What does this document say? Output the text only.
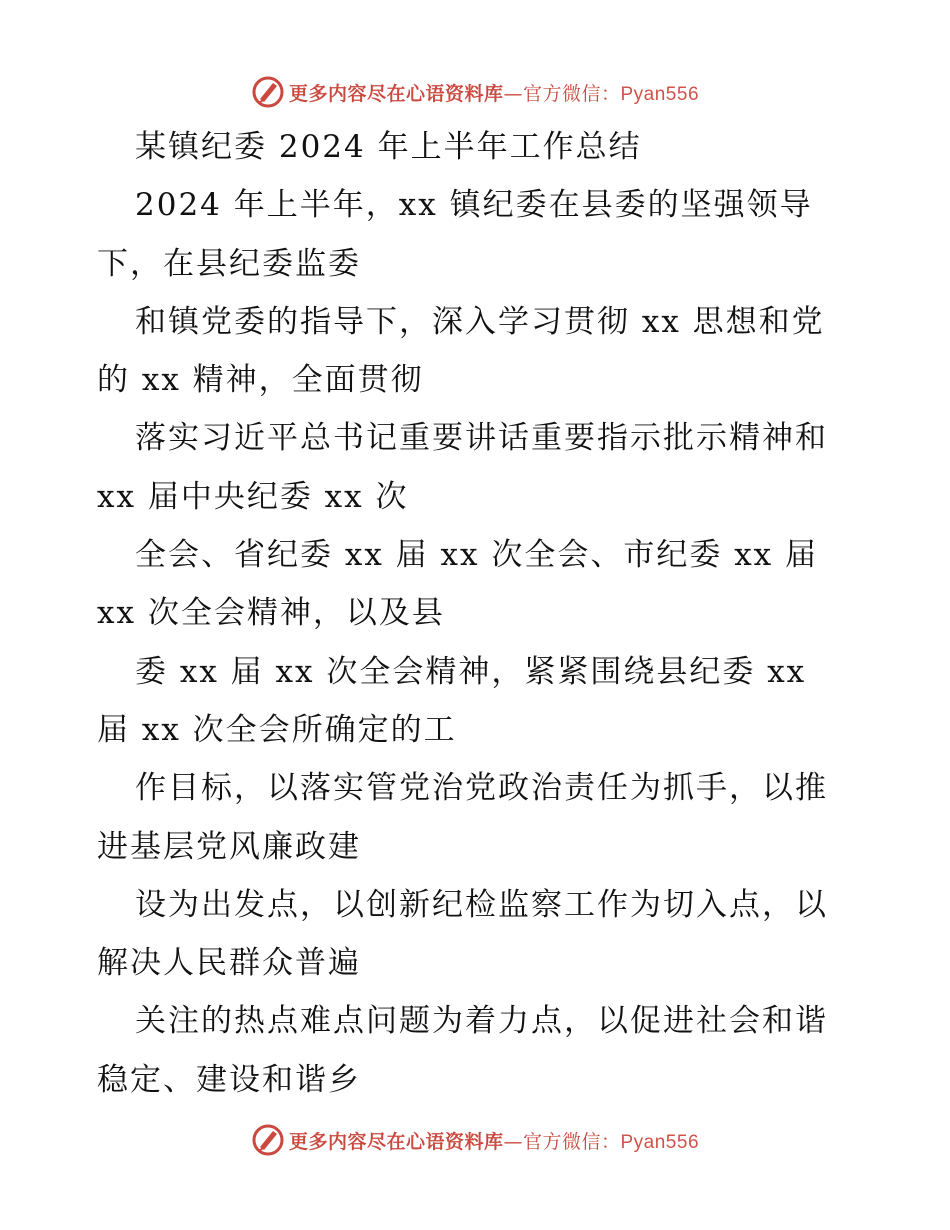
更多内容尽在心语资料库—官方微信：Pyan556
某镇纪委 2024 年上半年工作总结
2024 年上半年，xx 镇纪委在县委的坚强领导
下，在县纪委监委
和镇党委的指导下，深入学习贯彻 xx 思想和党
的 xx 精神，全面贯彻
落实习近平总书记重要讲话重要指示批示精神和
xx 届中央纪委 xx 次
全会、省纪委 xx 届 xx 次全会、市纪委 xx 届
xx 次全会精神，以及县
委 xx 届 xx 次全会精神，紧紧围绕县纪委 xx
届 xx 次全会所确定的工
作目标，以落实管党治党政治责任为抓手，以推
进基层党风廉政建
设为出发点，以创新纪检监察工作为切入点，以
解决人民群众普遍
关注的热点难点问题为着力点，以促进社会和谐
稳定、建设和谐乡
更多内容尽在心语资料库—官方微信：Pyan556
